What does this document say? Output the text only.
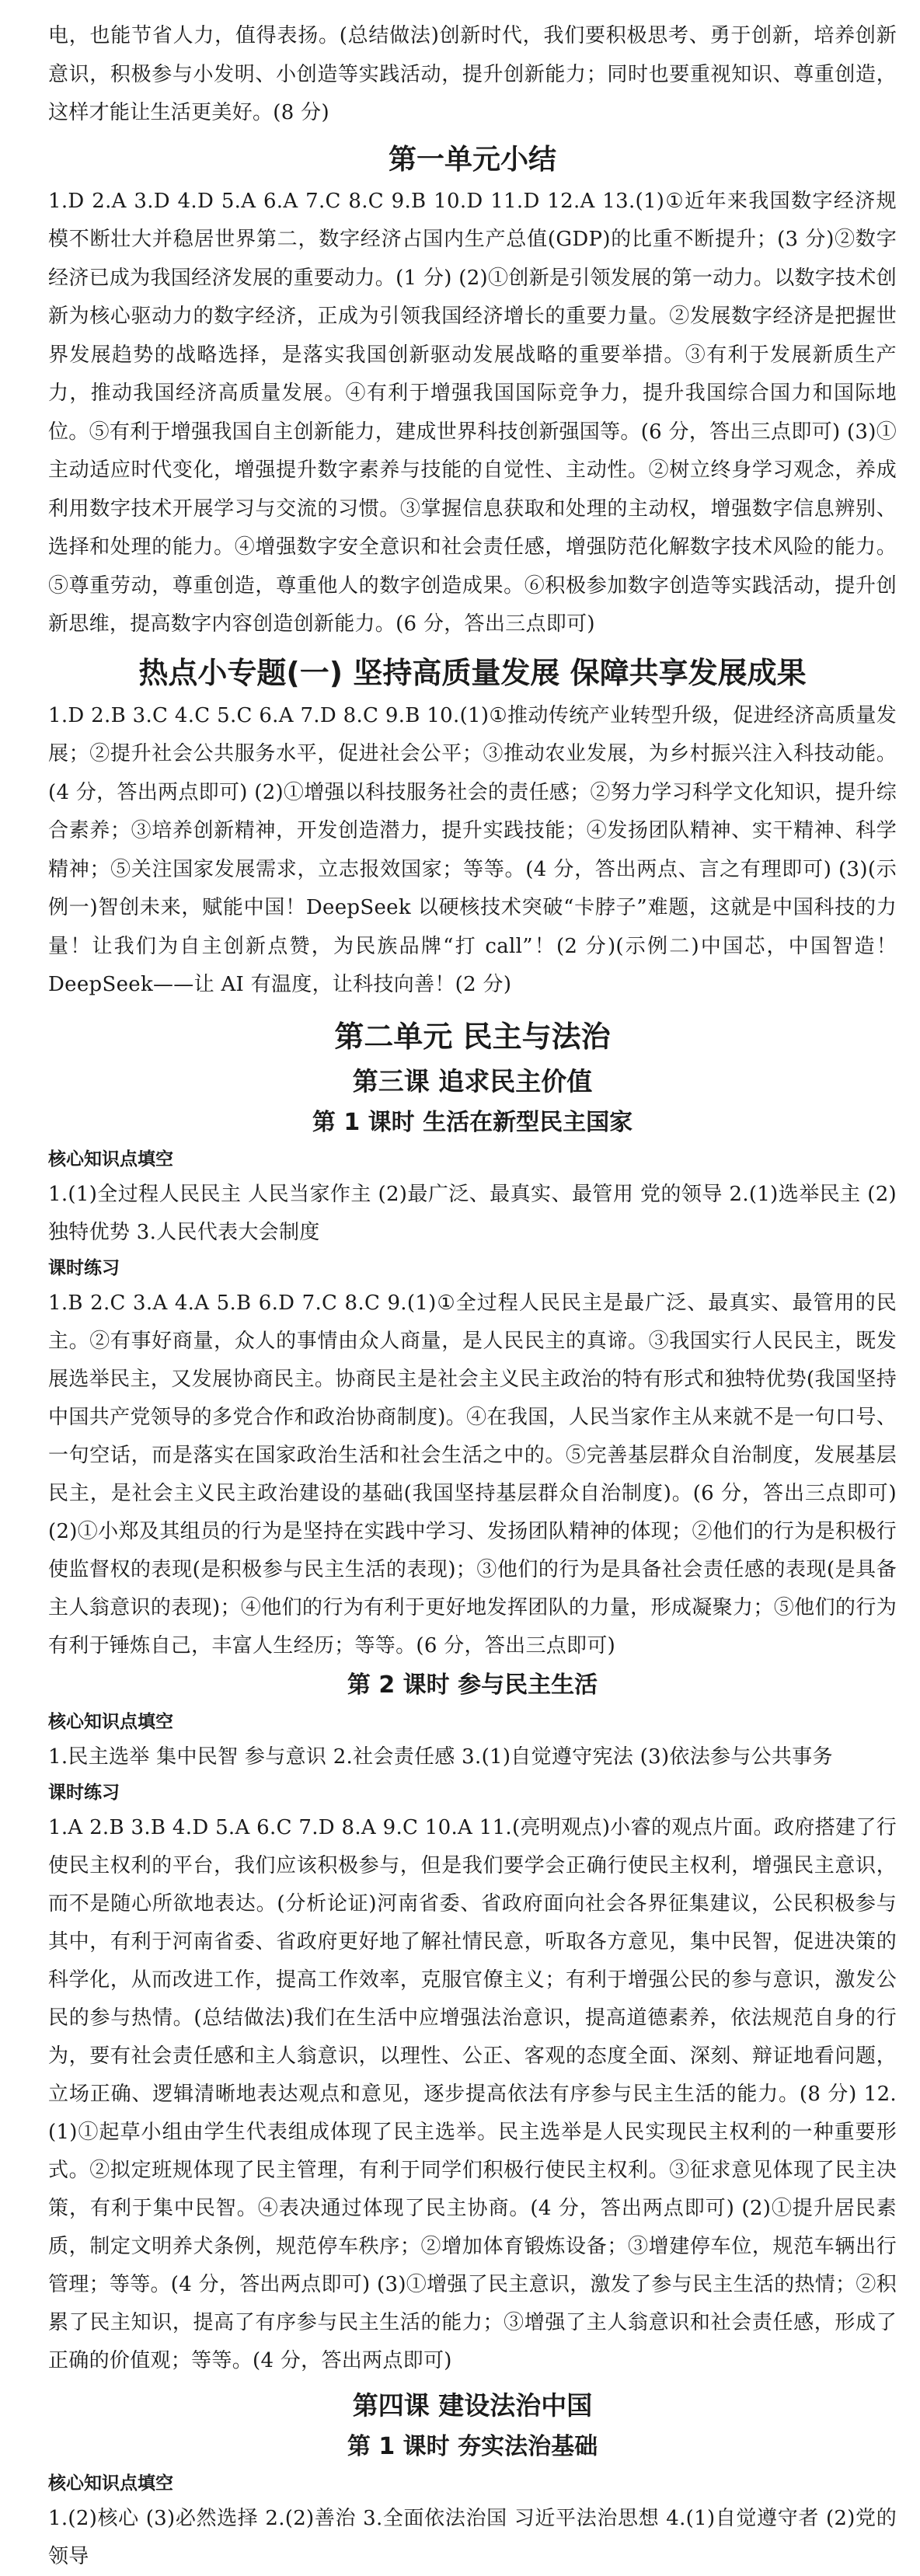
电，也能节省人力，值得表扬。(总结做法)创新时代，我们要积极思考、勇于创新，培养创新意识，积极参与小发明、小创造等实践活动，提升创新能力；同时也要重视知识、尊重创造，这样才能让生活更美好。(8 分)

第一单元小结

1.D 2.A 3.D 4.D 5.A 6.A 7.C 8.C 9.B 10.D 11.D 12.A 13.(1)①近年来我国数字经济规模不断壮大并稳居世界第二，数字经济占国内生产总值(GDP)的比重不断提升；(3 分)②数字经济已成为我国经济发展的重要动力。(1 分) (2)①创新是引领发展的第一动力。以数字技术创新为核心驱动力的数字经济，正成为引领我国经济增长的重要力量。②发展数字经济是把握世界发展趋势的战略选择，是落实我国创新驱动发展战略的重要举措。③有利于发展新质生产力，推动我国经济高质量发展。④有利于增强我国国际竞争力，提升我国综合国力和国际地位。⑤有利于增强我国自主创新能力，建成世界科技创新强国等。(6 分，答出三点即可) (3)①主动适应时代变化，增强提升数字素养与技能的自觉性、主动性。②树立终身学习观念，养成利用数字技术开展学习与交流的习惯。③掌握信息获取和处理的主动权，增强数字信息辨别、选择和处理的能力。④增强数字安全意识和社会责任感，增强防范化解数字技术风险的能力。⑤尊重劳动，尊重创造，尊重他人的数字创造成果。⑥积极参加数字创造等实践活动，提升创新思维，提高数字内容创造创新能力。(6 分，答出三点即可)

热点小专题(一) 坚持高质量发展 保障共享发展成果

1.D 2.B 3.C 4.C 5.C 6.A 7.D 8.C 9.B 10.(1)①推动传统产业转型升级，促进经济高质量发展；②提升社会公共服务水平，促进社会公平；③推动农业发展，为乡村振兴注入科技动能。(4 分，答出两点即可) (2)①增强以科技服务社会的责任感；②努力学习科学文化知识，提升综合素养；③培养创新精神，开发创造潜力，提升实践技能；④发扬团队精神、实干精神、科学精神；⑤关注国家发展需求，立志报效国家；等等。(4 分，答出两点、言之有理即可) (3)(示例一)智创未来，赋能中国！DeepSeek 以硬核技术突破“卡脖子”难题，这就是中国科技的力量！让我们为自主创新点赞，为民族品牌“打 call”！(2 分)(示例二)中国芯，中国智造！DeepSeek——让 AI 有温度，让科技向善！(2 分)

第二单元 民主与法治
第三课 追求民主价值
第 1 课时 生活在新型民主国家
核心知识点填空

1.(1)全过程人民民主 人民当家作主 (2)最广泛、最真实、最管用 党的领导 2.(1)选举民主 (2)独特优势 3.人民代表大会制度

课时练习

1.B 2.C 3.A 4.A 5.B 6.D 7.C 8.C 9.(1)①全过程人民民主是最广泛、最真实、最管用的民主。②有事好商量，众人的事情由众人商量，是人民民主的真谛。③我国实行人民民主，既发展选举民主，又发展协商民主。协商民主是社会主义民主政治的特有形式和独特优势(我国坚持中国共产党领导的多党合作和政治协商制度)。④在我国，人民当家作主从来就不是一句口号、一句空话，而是落实在国家政治生活和社会生活之中的。⑤完善基层群众自治制度，发展基层民主，是社会主义民主政治建设的基础(我国坚持基层群众自治制度)。(6 分，答出三点即可) (2)①小郑及其组员的行为是坚持在实践中学习、发扬团队精神的体现；②他们的行为是积极行使监督权的表现(是积极参与民主生活的表现)；③他们的行为是具备社会责任感的表现(是具备主人翁意识的表现)；④他们的行为有利于更好地发挥团队的力量，形成凝聚力；⑤他们的行为有利于锤炼自己，丰富人生经历；等等。(6 分，答出三点即可)

第 2 课时 参与民主生活
核心知识点填空

1.民主选举 集中民智 参与意识 2.社会责任感 3.(1)自觉遵守宪法 (3)依法参与公共事务

课时练习

1.A 2.B 3.B 4.D 5.A 6.C 7.D 8.A 9.C 10.A 11.(亮明观点)小睿的观点片面。政府搭建了行使民主权利的平台，我们应该积极参与，但是我们要学会正确行使民主权利，增强民主意识，而不是随心所欲地表达。(分析论证)河南省委、省政府面向社会各界征集建议，公民积极参与其中，有利于河南省委、省政府更好地了解社情民意，听取各方意见，集中民智，促进决策的科学化，从而改进工作，提高工作效率，克服官僚主义；有利于增强公民的参与意识，激发公民的参与热情。(总结做法)我们在生活中应增强法治意识，提高道德素养，依法规范自身的行为，要有社会责任感和主人翁意识，以理性、公正、客观的态度全面、深刻、辩证地看问题，立场正确、逻辑清晰地表达观点和意见，逐步提高依法有序参与民主生活的能力。(8 分) 12.(1)①起草小组由学生代表组成体现了民主选举。民主选举是人民实现民主权利的一种重要形式。②拟定班规体现了民主管理，有利于同学们积极行使民主权利。③征求意见体现了民主决策，有利于集中民智。④表决通过体现了民主协商。(4 分，答出两点即可) (2)①提升居民素质，制定文明养犬条例，规范停车秩序；②增加体育锻炼设备；③增建停车位，规范车辆出行管理；等等。(4 分，答出两点即可) (3)①增强了民主意识，激发了参与民主生活的热情；②积累了民主知识，提高了有序参与民主生活的能力；③增强了主人翁意识和社会责任感，形成了正确的价值观；等等。(4 分，答出两点即可)

第四课 建设法治中国
第 1 课时 夯实法治基础
核心知识点填空

1.(2)核心 (3)必然选择 2.(2)善治 3.全面依法治国 习近平法治思想 4.(1)自觉遵守者 (2)党的领导
